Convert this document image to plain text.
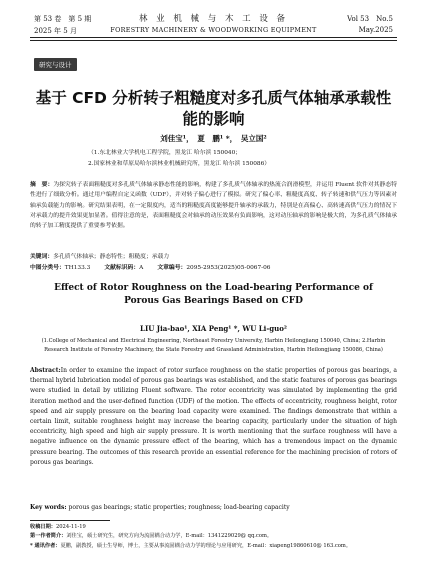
第 53 卷　第 5 期	林 业 机 械 与 木 工 设 备	Vol 53　No.5
2025 年 5 月	FORESTRY MACHINERY & WOODWORKING EQUIPMENT	May.2025
研究与设计
基于 CFD 分析转子粗糙度对多孔质气体轴承承载性能的影响
刘佳宝¹，　夏　鹏¹ *，　吴立国²
（1.东北林业大学机电工程学院，黑龙江 哈尔滨 150040；
2.国家林业和草原局哈尔滨林业机械研究所，黑龙江 哈尔滨 150086）
摘　要：为探究转子表面粗糙度对多孔质气体轴承静态性能的影响，构建了多孔质气体轴承的热流合润滑模型，并运用 Fluent 软件对其静态特性进行了细致分析。通过用户编程自定义函数（UDF），并对转子偏心进行了模拟。研究了偏心率、粗糙度高度、转子转速和供气压力等因素对轴承负载能力的影响。研究结果表明，在一定限度内，适当的粗糙度高度能够提升轴承的承载力，特别是在高偏心、高转速高供气压力的情况下对承载力的提升效果更加显著。值得注意的是，表面粗糙度会对轴承的动压效果有负面影响，这对动压轴承的影响是极大的，为多孔质气体轴承的转子加工精度提供了重要参考依据。
关键词：多孔质气体轴承；静态特性；粗糙度；承载力
中图分类号：TH133.3 文献标识码：A 文章编号：2095-2953(2025)05-0067-06
Effect of Rotor Roughness on the Load-bearing Performance of Porous Gas Bearings Based on CFD
LIU Jia-bao¹, XIA Peng¹ *, WU Li-guo²
(1.College of Mechanical and Electrical Engineering, Northeast Forestry University, Harbin Heilongjiang 150040, China; 2.Harbin Research Institute of Forestry Machinery, the State Forestry and Grassland Administration, Harbin Heilongjiang 150086, China)
Abstract:In order to examine the impact of rotor surface roughness on the static properties of porous gas bearings, a thermal hybrid lubrication model of porous gas bearings was established, and the static features of porous gas bearings were studied in detail by utilizing Fluent software. The rotor eccentricity was simulated by implementing the grid iteration method and the user-defined function (UDF) of the motion. The effects of eccentricity, roughness height, rotor speed and air supply pressure on the bearing load capacity were examined. The findings demonstrate that within a certain limit, suitable roughness height may increase the bearing capacity, particularly under the situation of high eccentricity, high speed and high air supply pressure. It is worth mentioning that the surface roughness will have a negative influence on the dynamic pressure effect of the bearing, which has a tremendous impact on the dynamic pressure bearing. The outcomes of this research provide an essential reference for the machining precision of rotors of porous gas bearings.
Key words: porous gas bearings; static properties; roughness; load-bearing capacity
收稿日期：2024-11-19
第一作者简介：刘佳宝，硕士研究生，研究方向为流固耦合动力学，E-mail：1341229029@ qq.com。
* 通讯作者：夏鹏，副教授，硕士生导师，博士，主要从事流固耦合动力学的理论与应用研究，E-mail：xiapeng19860610@ 163.com。
